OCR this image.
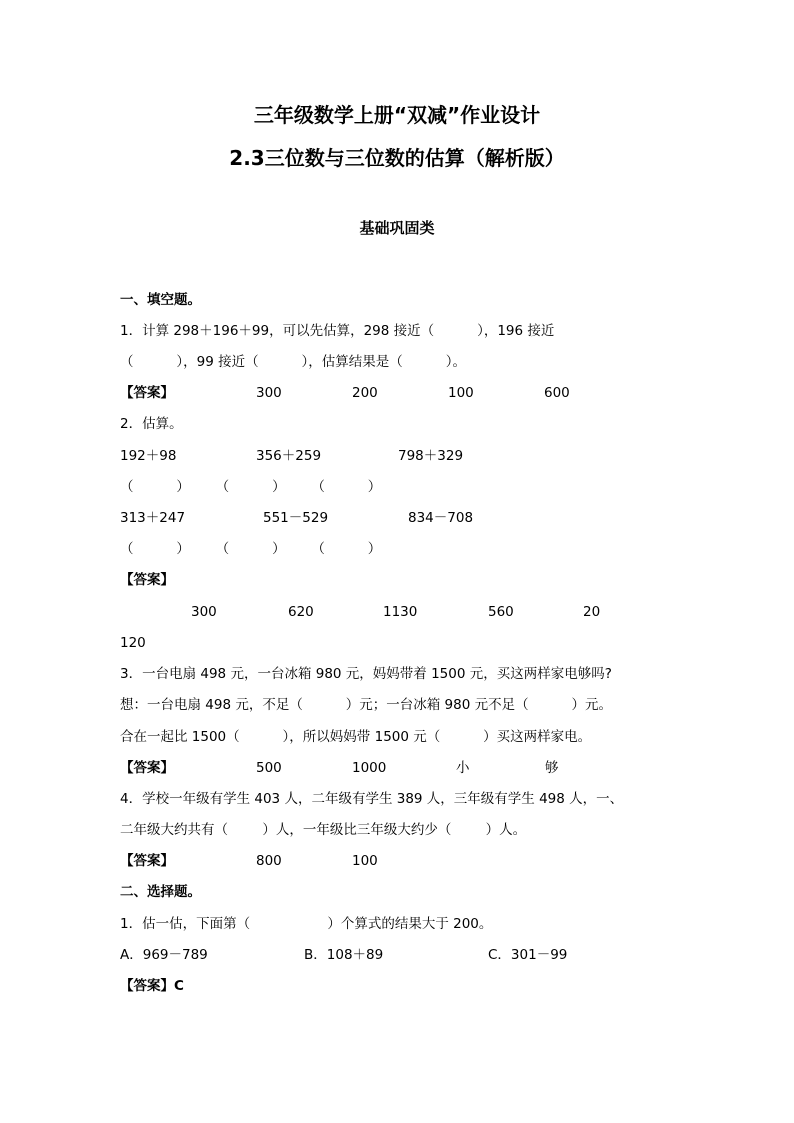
三年级数学上册“双减”作业设计
2.3三位数与三位数的估算（解析版）
基础巩固类
一、填空题。
1．计算 298＋196＋99，可以先估算，298 接近（          ），196 接近
（          ），99 接近（          ），估算结果是（          ）。
【答案】	300	200	100	600
2．估算。
192＋98	356＋259	798＋329
（          ）      （          ）      （          ）
313＋247	551－529	834－708
（          ）      （          ）      （          ）
【答案】
300	620	1130	560	20
120
3．一台电扇 498 元，一台冰箱 980 元，妈妈带着 1500 元，买这两样家电够吗?
想：一台电扇 498 元，不足（          ）元；一台冰箱 980 元不足（          ）元。
合在一起比 1500（          ），所以妈妈带 1500 元（          ）买这两样家电。
【答案】	500	1000	小	够
4．学校一年级有学生 403 人，二年级有学生 389 人，三年级有学生 498 人，一、
二年级大约共有（        ）人，一年级比三年级大约少（        ）人。
【答案】	800	100
二、选择题。
1．估一估，下面第（                  ）个算式的结果大于 200。
A．969－789	B．108＋89	C．301－99
【答案】C
